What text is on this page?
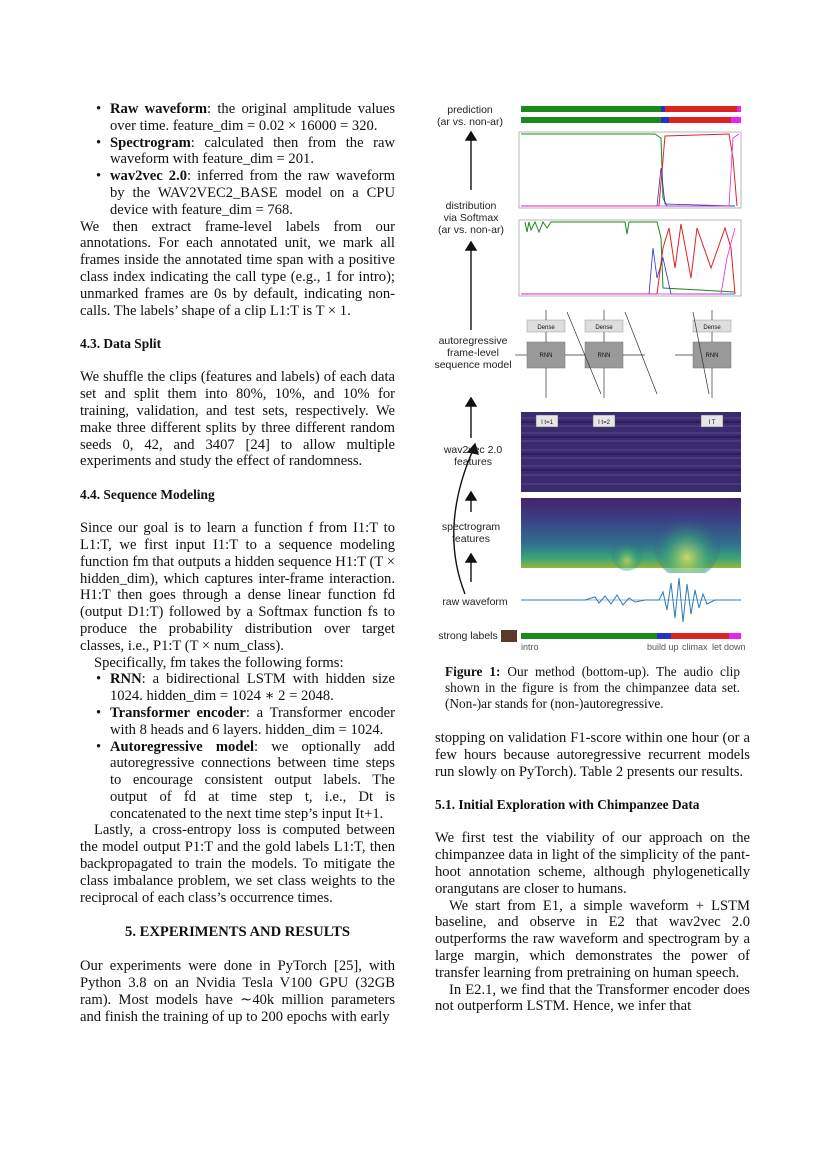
• Raw waveform: the original amplitude values over time. feature_dim = 0.02 × 16000 = 320.
• Spectrogram: calculated then from the raw waveform with feature_dim = 201.
• wav2vec 2.0: inferred from the raw waveform by the WAV2VEC2_BASE model on a CPU device with feature_dim = 768.

We then extract frame-level labels from our annotations. For each annotated unit, we mark all frames inside the annotated time span with a positive class index indicating the call type (e.g., 1 for intro); unmarked frames are 0s by default, indicating non-calls. The labels’ shape of a clip L1:T is T × 1.

4.3. Data Split

We shuffle the clips (features and labels) of each data set and split them into 80%, 10%, and 10% for training, validation, and test sets, respectively. We make three different splits by three different random seeds 0, 42, and 3407 [24] to allow multiple experiments and study the effect of randomness.

4.4. Sequence Modeling

Since our goal is to learn a function f from I1:T to L1:T, we first input I1:T to a sequence modeling function fm that outputs a hidden sequence H1:T (T × hidden_dim), which captures inter-frame interaction. H1:T then goes through a dense linear function fd (output D1:T) followed by a Softmax function fs to produce the probability distribution over target classes, i.e., P1:T (T × num_class).

Specifically, fm takes the following forms:

• RNN: a bidirectional LSTM with hidden size 1024. hidden_dim = 1024 ∗ 2 = 2048.
• Transformer encoder: a Transformer encoder with 8 heads and 6 layers. hidden_dim = 1024.
• Autoregressive model: we optionally add autoregressive connections between time steps to encourage consistent output labels. The output of fd at time step t, i.e., Dt is concatenated to the next time step’s input It+1.

Lastly, a cross-entropy loss is computed between the model output P1:T and the gold labels L1:T, then backpropagated to train the models. To mitigate the class imbalance problem, we set class weights to the reciprocal of each class’s occurrence times.

5. EXPERIMENTS AND RESULTS

Our experiments were done in PyTorch [25], with Python 3.8 on an Nvidia Tesla V100 GPU (32GB ram). Most models have ∼40k million parameters and finish the training of up to 200 epochs with early

Dense	Dense	Dense
RNN	RNN	RNN
I t=1	I t=2	I T
prediction
(ar vs. non-ar)
distribution
via Softmax
(ar vs. non-ar)
autoregressive
frame-level
sequence model
wav2vec 2.0
features
spectrogram
features
raw waveform
strong labels
intro	build up climax let down
Figure 1: Our method (bottom-up). The audio clip shown in the figure is from the chimpanzee data set. (Non-)ar stands for (non-)autoregressive.

stopping on validation F1-score within one hour (or a few hours because autoregressive recurrent models run slowly on PyTorch). Table 2 presents our results.

5.1. Initial Exploration with Chimpanzee Data

We first test the viability of our approach on the chimpanzee data in light of the simplicity of the pant-hoot annotation scheme, although phylogenetically orangutans are closer to humans.

We start from E1, a simple waveform + LSTM baseline, and observe in E2 that wav2vec 2.0 outperforms the raw waveform and spectrogram by a large margin, which demonstrates the power of transfer learning from pretraining on human speech.

In E2.1, we find that the Transformer encoder does not outperform LSTM. Hence, we infer that
